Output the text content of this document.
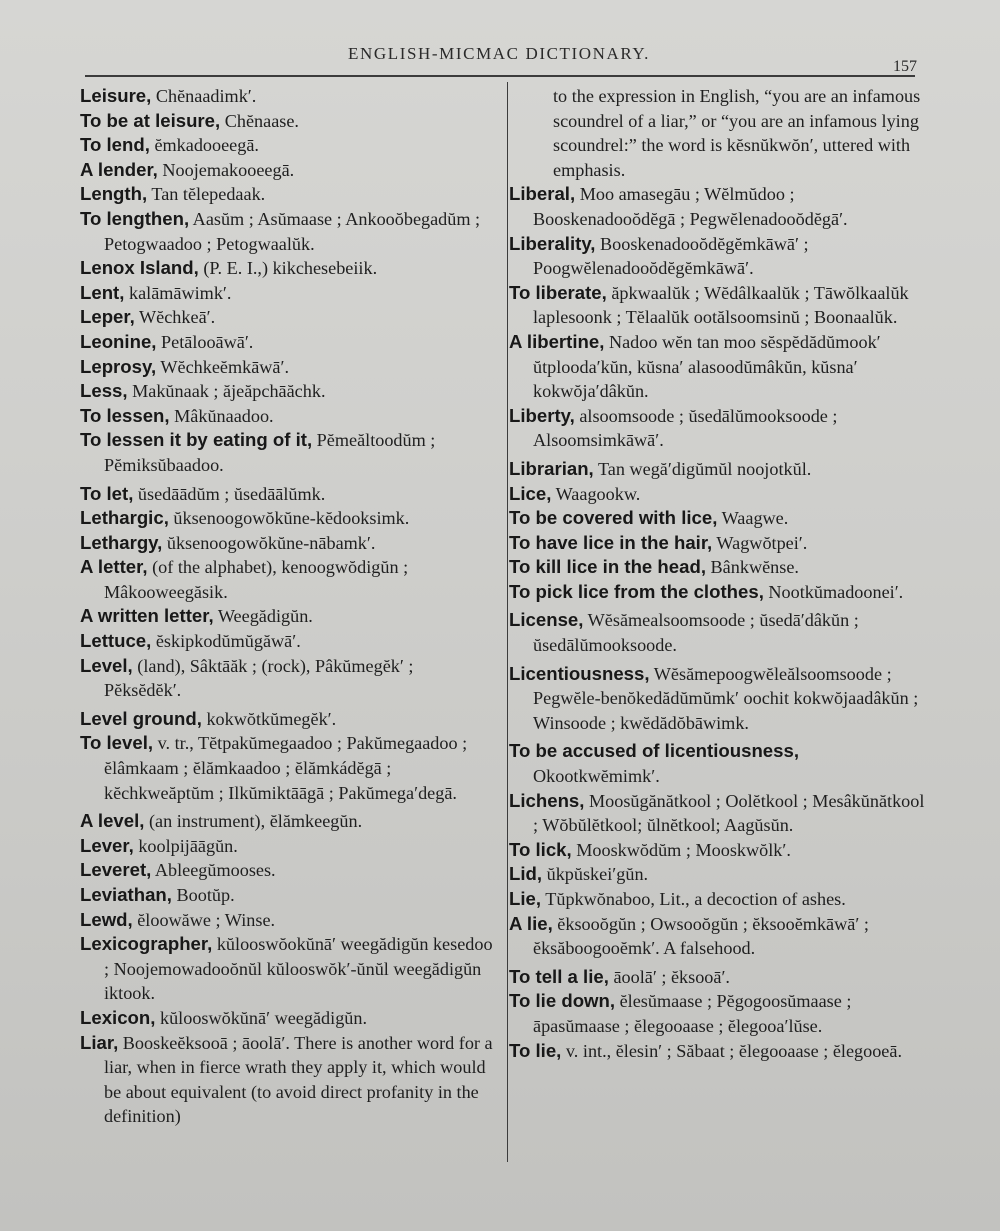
ENGLISH-MICMAC DICTIONARY.
157
Leisure, Chĕnaadimk′.
To be at leisure, Chĕnaase.
To lend, ĕmkadooeegā.
A lender, Noojemakooeegā.
Length, Tan tĕlepedaak.
To lengthen, Aasŭm ; Asŭmaase ; Ankooŏbegadŭm ; Petogwaadoo ; Petogwaalŭk.
Lenox Island, (P. E. I.,) kikchesebeiik.
Lent, kalāmāwimk′.
Leper, Wĕchkeā′.
Leonine, Petālooāwā′.
Leprosy, Wĕchkeĕmkāwā′.
Less, Makŭnaak ; ăjeăpchāăchk.
To lessen, Mâkŭnaadoo.
To lessen it by eating of it, Pĕmeăltoodŭm ; Pĕmiksŭbaadoo.
To let, ŭsedāādŭm ; ŭsedāālŭmk.
Lethargic, ŭksenoogowŏkŭne-kĕdooksimk.
Lethargy, ŭksenoogowŏkŭne-nābamk′.
A letter, (of the alphabet), kenoogwŏdigŭn ; Mâkooweegăsik.
A written letter, Weegădigŭn.
Lettuce, ĕskipkodŭmŭgăwā′.
Level, (land), Sâktāăk ; (rock), Pâkŭmegĕk′ ; Pĕksĕdĕk′.
Level ground, kokwŏtkŭmegĕk′.
To level, v. tr., Tĕtpakŭmegaadoo ; Pakŭmegaadoo ; ĕlâmkaam ; ĕlămkaadoo ; ĕlămkádĕgā ; kĕchkweăptŭm ; Ilkŭmiktāāgā ; Pakŭmega′degā.
A level, (an instrument), ĕlămkeegŭn.
Lever, koolpijāāgŭn.
Leveret, Ableegŭmooses.
Leviathan, Bootŭp.
Lewd, ĕloowăwe ; Winse.
Lexicographer, kŭlooswŏokŭnā′ weegădigŭn kesedoo ; Noojemowadooŏnŭl kŭlooswŏk′-ŭnŭl weegădigŭn iktook.
Lexicon, kŭlooswŏkŭnā′ weegădigŭn.
Liar, Booskeĕksooā ; āoolā′. There is another word for a liar, when in fierce wrath they apply it, which would be about equivalent (to avoid direct profanity in the definition)
to the expression in English, “you are an infamous scoundrel of a liar,” or “you are an infamous lying scoundrel:” the word is kĕsnŭkwŏn′, uttered with emphasis.
Liberal, Moo amasegāu ; Wĕlmŭdoo ; Booskenadooŏdĕgā ; Pegwĕlenadooŏdĕgā′.
Liberality, Booskenadooŏdĕgĕmkāwā′ ; Poogwĕlenadooŏdĕgĕmkāwā′.
To liberate, ăpkwaalŭk ; Wĕdâlkaalŭk ; Tāwŏlkaalŭk laplesoonk ; Tĕlaalŭk ootălsoomsinŭ ; Boonaalŭk.
A libertine, Nadoo wĕn tan moo sĕspĕdădŭmook′ ŭtplooda′kŭn, kŭsna′ alasoodŭmâkŭn, kŭsna′ kokwŏja′dâkŭn.
Liberty, alsoomsoode ; ŭsedālŭmooksoode ; Alsoomsimkāwā′.
Librarian, Tan wegă′digŭmŭl noojotkŭl.
Lice, Waagookw.
To be covered with lice, Waagwe.
To have lice in the hair, Wagwŏtpei′.
To kill lice in the head, Bânkwĕnse.
To pick lice from the clothes, Nootkŭmadoonei′.
License, Wĕsămealsoomsoode ; ŭsedā′dâkŭn ; ŭsedālŭmooksoode.
Licentiousness, Wĕsămepoogwĕleălsoomsoode ; Pegwĕle-benŏkedădŭmŭmk′ oochit kokwŏjaadâkŭn ; Winsoode ; kwĕdădŏbāwimk.
To be accused of licentiousness, Okootkwĕmimk′.
Lichens, Moosŭgănătkool ; Oolĕtkool ; Mesâkŭnătkool ; Wŏbŭlĕtkool; ŭlnĕtkool; Aagŭsŭn.
To lick, Mooskwŏdŭm ; Mooskwŏlk′.
Lid, ŭkpŭskei′gŭn.
Lie, Tŭpkwŏnaboo, Lit., a decoction of ashes.
A lie, ĕksooŏgŭn ; Owsooŏgŭn ; ĕksooĕmkāwā′ ; ĕksăboogooĕmk′. A falsehood.
To tell a lie, āoolā′ ; ĕksooā′.
To lie down, ĕlesŭmaase ; Pĕgogoosŭmaase ; āpasŭmaase ; ĕlegooaase ; ĕlegooa′lŭse.
To lie, v. int., ĕlesin′ ; Săbaat ; ĕlegooaase ; ĕlegooeā.
